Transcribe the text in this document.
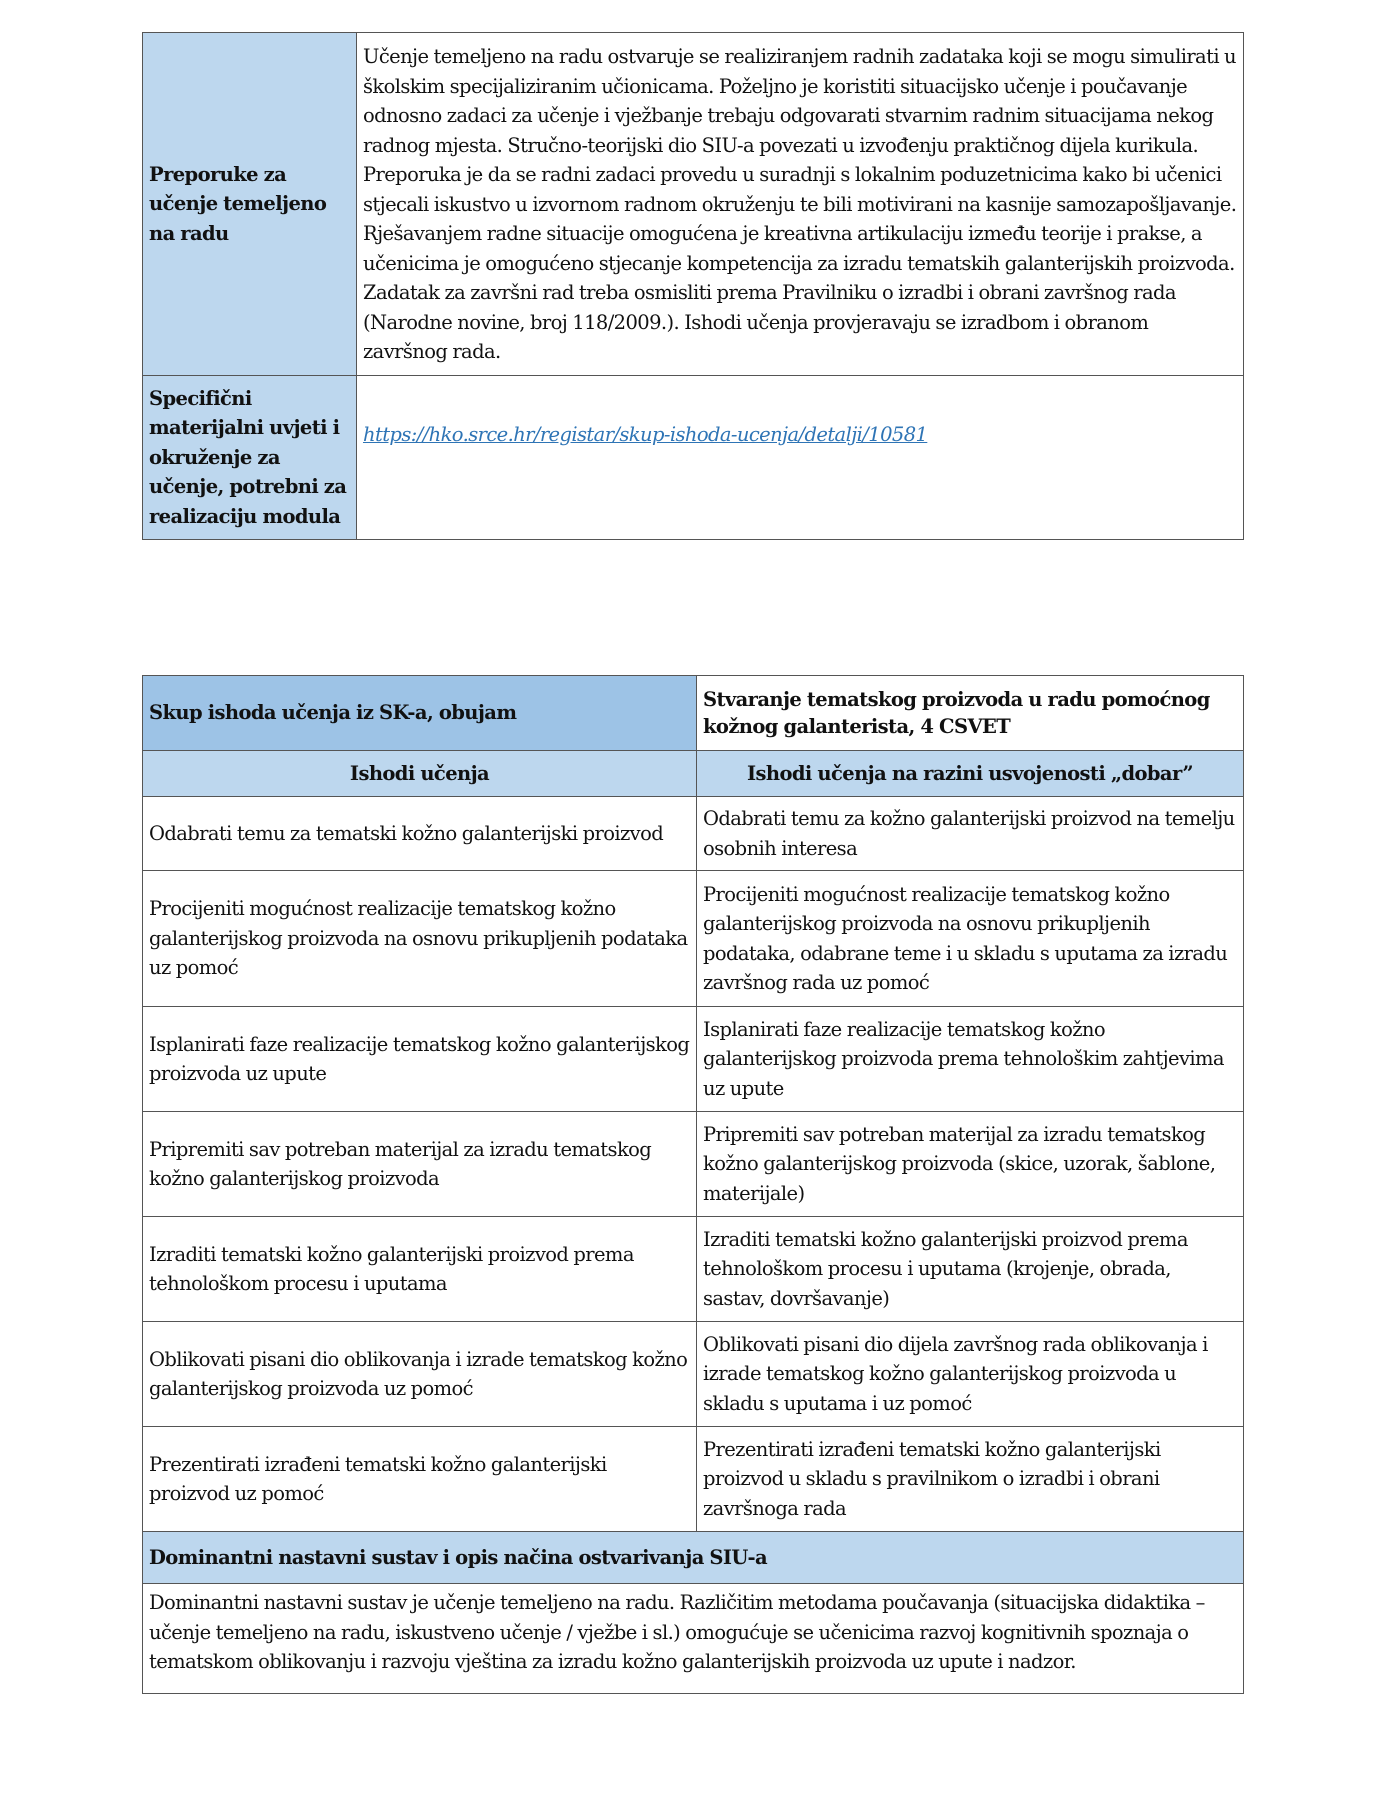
Preporuke za učenje temeljeno na radu	Učenje temeljeno na radu ostvaruje se realiziranjem radnih zadataka koji se mogu simulirati u školskim specijaliziranim učionicama. Poželjno je koristiti situacijsko učenje i poučavanje odnosno zadaci za učenje i vježbanje trebaju odgovarati stvarnim radnim situacijama nekog radnog mjesta. Stručno-teorijski dio SIU-a povezati u izvođenju praktičnog dijela kurikula. Preporuka je da se radni zadaci provedu u suradnji s lokalnim poduzetnicima kako bi učenici stjecali iskustvo u izvornom radnom okruženju te bili motivirani na kasnije samozapošljavanje. Rješavanjem radne situacije omogućena je kreativna artikulaciju između teorije i prakse, a učenicima je omogućeno stjecanje kompetencija za izradu tematskih galanterijskih proizvoda. Zadatak za završni rad treba osmisliti prema Pravilniku o izradbi i obrani završnog rada (Narodne novine, broj 118/2009.). Ishodi učenja provjeravaju se izradbom i obranom završnog rada.
Specifični materijalni uvjeti i okruženje za učenje, potrebni za realizaciju modula	https://hko.srce.hr/registar/skup-ishoda-ucenja/detalji/10581
Skup ishoda učenja iz SK-a, obujam	Stvaranje tematskog proizvoda u radu pomoćnog kožnog galanterista, 4 CSVET
Ishodi učenja	Ishodi učenja na razini usvojenosti „dobar”
Odabrati temu za tematski kožno galanterijski proizvod	Odabrati temu za kožno galanterijski proizvod na temelju osobnih interesa
Procijeniti mogućnost realizacije tematskog kožno galanterijskog proizvoda na osnovu prikupljenih podataka uz pomoć	Procijeniti mogućnost realizacije tematskog kožno galanterijskog proizvoda na osnovu prikupljenih podataka, odabrane teme i u skladu s uputama za izradu završnog rada uz pomoć
Isplanirati faze realizacije tematskog kožno galanterijskog proizvoda uz upute	Isplanirati faze realizacije tematskog kožno galanterijskog proizvoda prema tehnološkim zahtjevima uz upute
Pripremiti sav potreban materijal za izradu tematskog kožno galanterijskog proizvoda	Pripremiti sav potreban materijal za izradu tematskog kožno galanterijskog proizvoda (skice, uzorak, šablone, materijale)
Izraditi tematski kožno galanterijski proizvod prema tehnološkom procesu i uputama	Izraditi tematski kožno galanterijski proizvod prema tehnološkom procesu i uputama (krojenje, obrada, sastav, dovršavanje)
Oblikovati pisani dio oblikovanja i izrade tematskog kožno galanterijskog proizvoda uz pomoć	Oblikovati pisani dio dijela završnog rada oblikovanja i izrade tematskog kožno galanterijskog proizvoda u skladu s uputama i uz pomoć
Prezentirati izrađeni tematski kožno galanterijski proizvod uz pomoć	Prezentirati izrađeni tematski kožno galanterijski proizvod u skladu s pravilnikom o izradbi i obrani završnoga rada
Dominantni nastavni sustav i opis načina ostvarivanja SIU-a	
Dominantni nastavni sustav je učenje temeljeno na radu. Različitim metodama poučavanja (situacijska didaktika – učenje temeljeno na radu, iskustveno učenje / vježbe i sl.) omogućuje se učenicima razvoj kognitivnih spoznaja o tematskom oblikovanju i razvoju vještina za izradu kožno galanterijskih proizvoda uz upute i nadzor.	
